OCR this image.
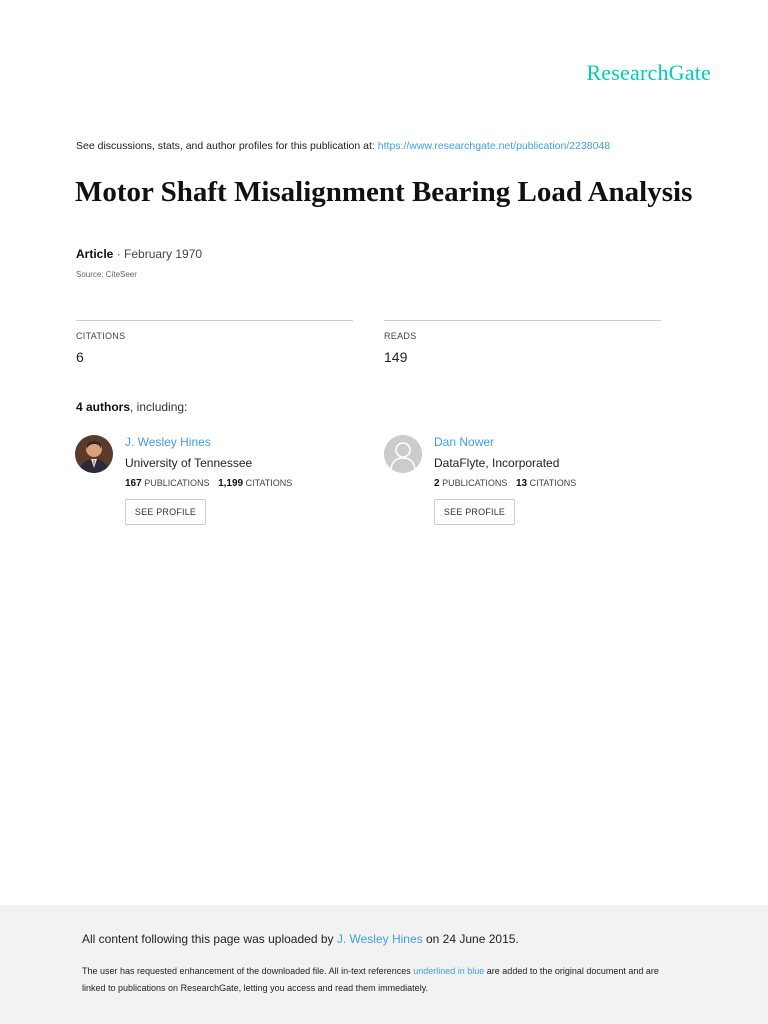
ResearchGate
See discussions, stats, and author profiles for this publication at: https://www.researchgate.net/publication/2238048
Motor Shaft Misalignment Bearing Load Analysis
Article · February 1970
Source: CiteSeer
CITATIONS
6
READS
149
4 authors, including:
J. Wesley Hines
University of Tennessee
167 PUBLICATIONS 1,199 CITATIONS
SEE PROFILE
Dan Nower
DataFlyte, Incorporated
2 PUBLICATIONS 13 CITATIONS
SEE PROFILE
All content following this page was uploaded by J. Wesley Hines on 24 June 2015.
The user has requested enhancement of the downloaded file. All in-text references underlined in blue are added to the original document and are linked to publications on ResearchGate, letting you access and read them immediately.
